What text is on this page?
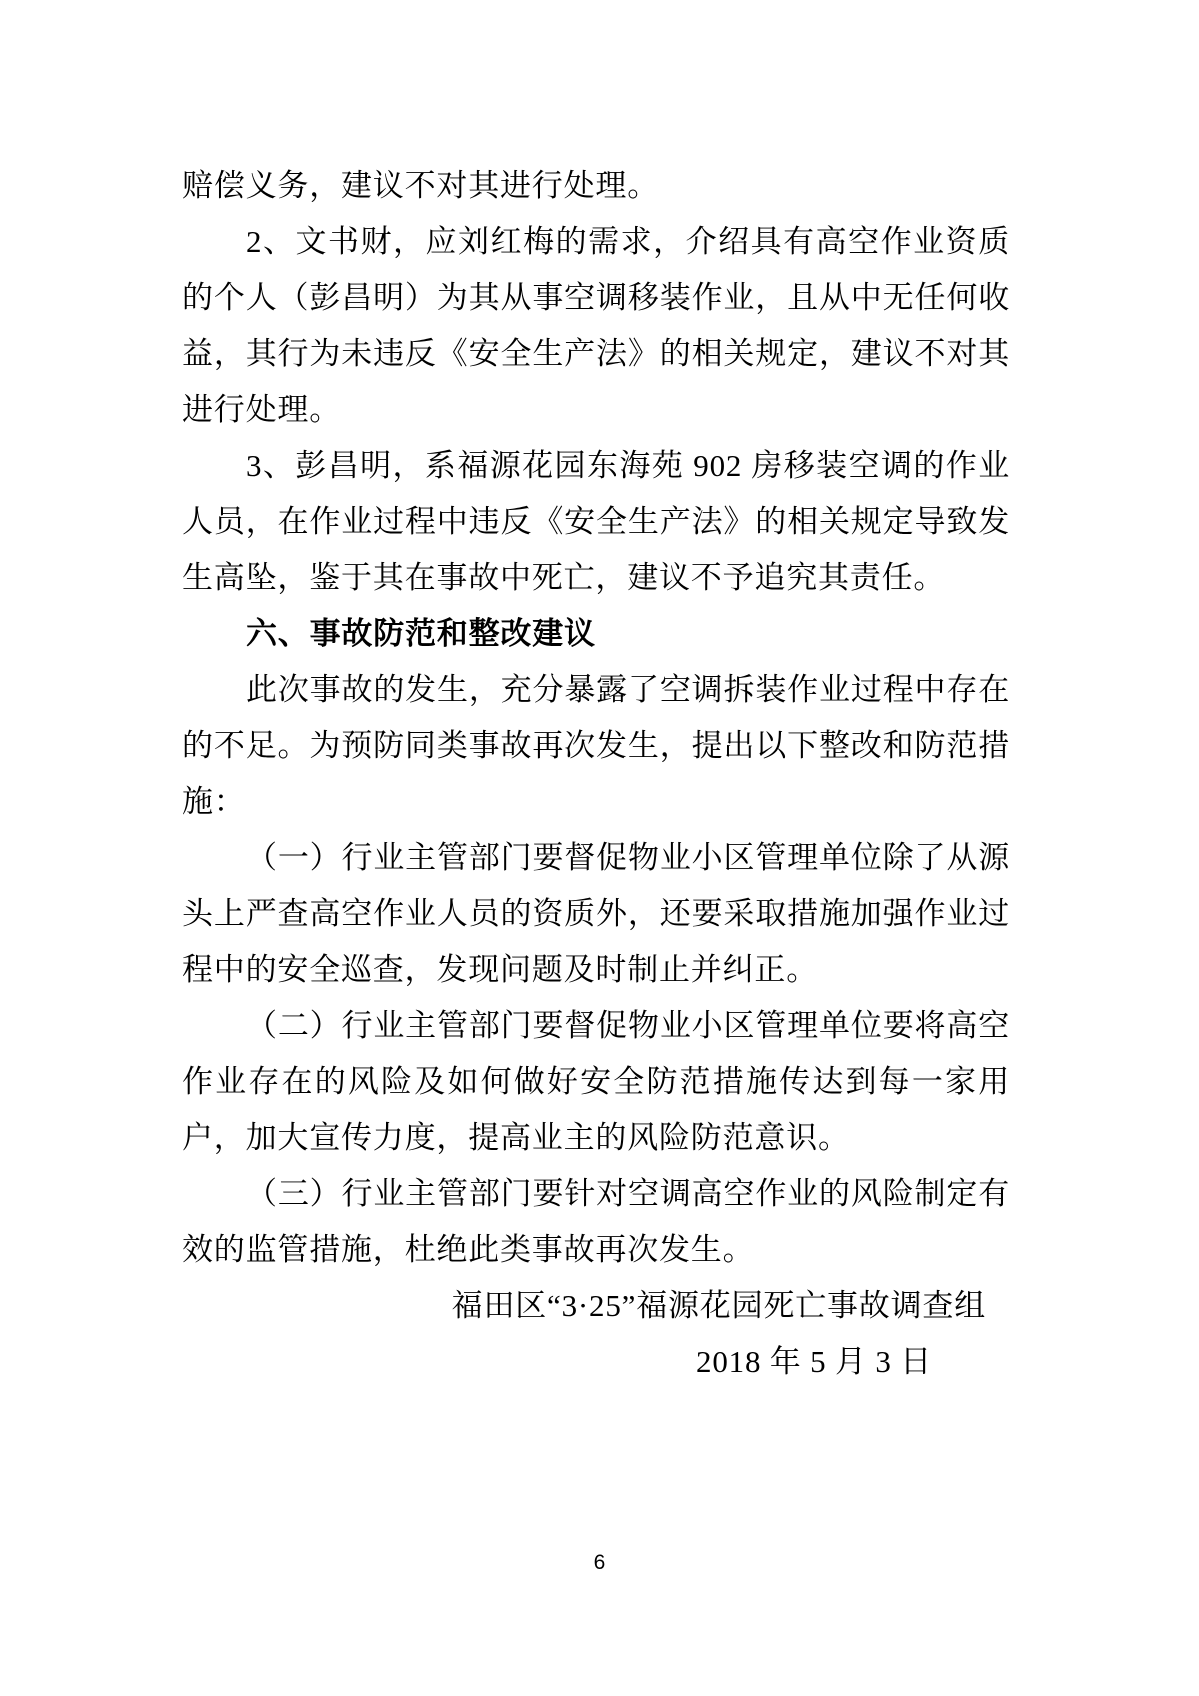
赔偿义务，建议不对其进行处理。

2、文书财，应刘红梅的需求，介绍具有高空作业资质的个人（彭昌明）为其从事空调移装作业，且从中无任何收益，其行为未违反《安全生产法》的相关规定，建议不对其进行处理。

3、彭昌明，系福源花园东海苑 902 房移装空调的作业人员，在作业过程中违反《安全生产法》的相关规定导致发生高坠，鉴于其在事故中死亡，建议不予追究其责任。

六、事故防范和整改建议

此次事故的发生，充分暴露了空调拆装作业过程中存在的不足。为预防同类事故再次发生，提出以下整改和防范措施：

（一）行业主管部门要督促物业小区管理单位除了从源头上严查高空作业人员的资质外，还要采取措施加强作业过程中的安全巡查，发现问题及时制止并纠正。

（二）行业主管部门要督促物业小区管理单位要将高空作业存在的风险及如何做好安全防范措施传达到每一家用户，加大宣传力度，提高业主的风险防范意识。

（三）行业主管部门要针对空调高空作业的风险制定有效的监管措施，杜绝此类事故再次发生。

福田区“3·25”福源花园死亡事故调查组

2018 年 5 月 3 日

6
